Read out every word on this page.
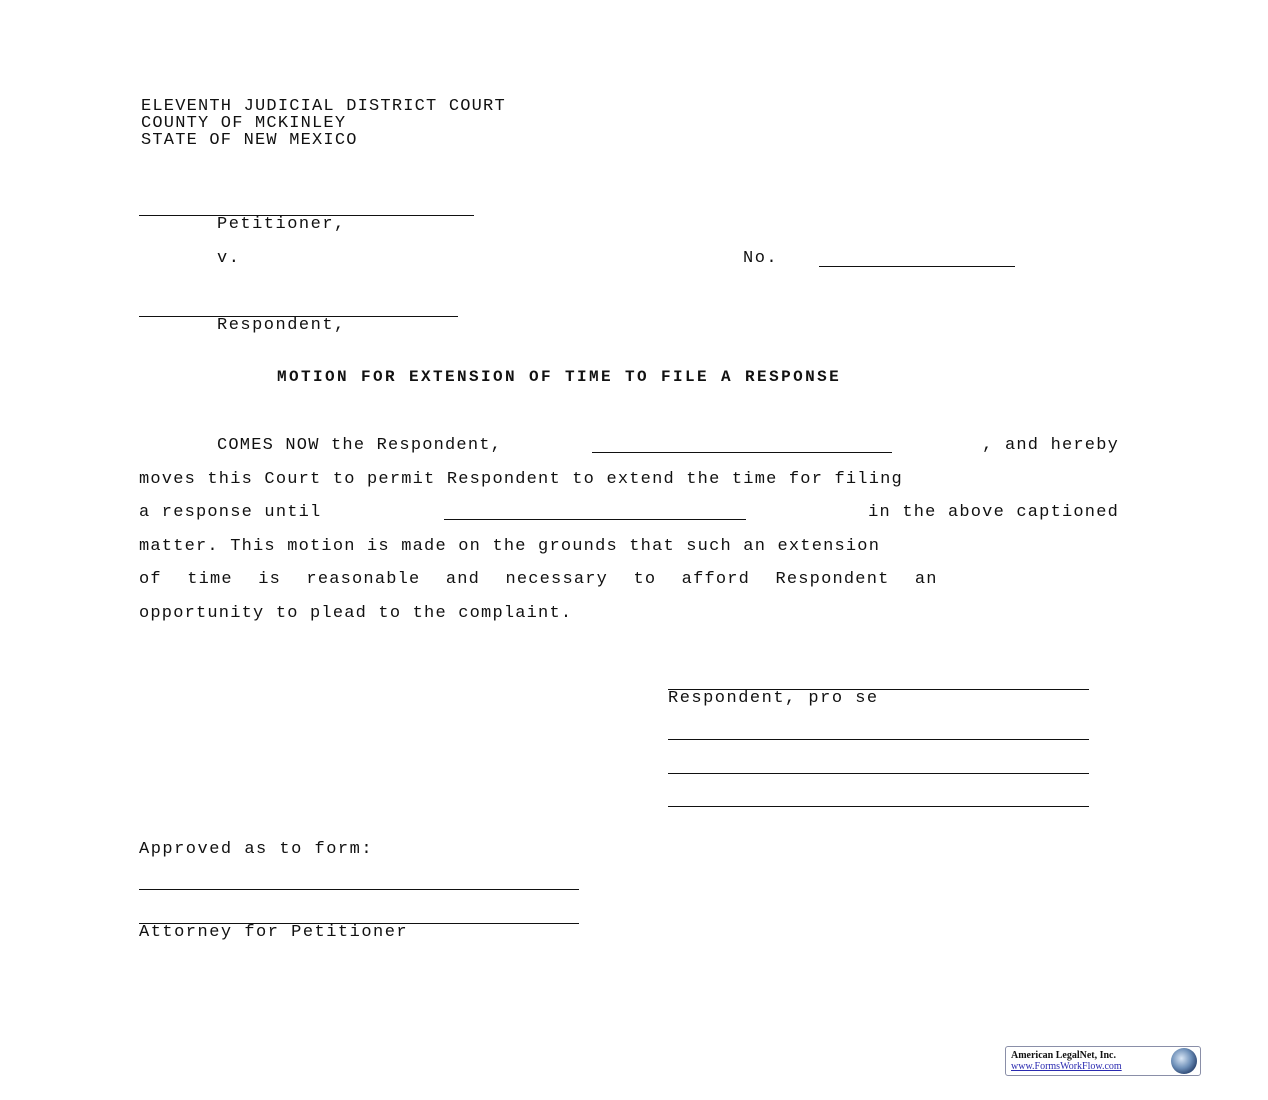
ELEVENTH JUDICIAL DISTRICT COURT
COUNTY OF MCKINLEY
STATE OF NEW MEXICO
Petitioner,
v.	No.
Respondent,
MOTION FOR EXTENSION OF TIME TO FILE A RESPONSE
COMES NOW the Respondent,	, and hereby
moves this Court to permit Respondent to extend the time for filing
a response until	in the above captioned
matter. This motion is made on the grounds that such an extension
of time is reasonable and necessary to afford Respondent an
opportunity to plead to the complaint.
Respondent, pro se
Approved as to form:
Attorney for Petitioner
American LegalNet, Inc.
www.FormsWorkFlow.com
